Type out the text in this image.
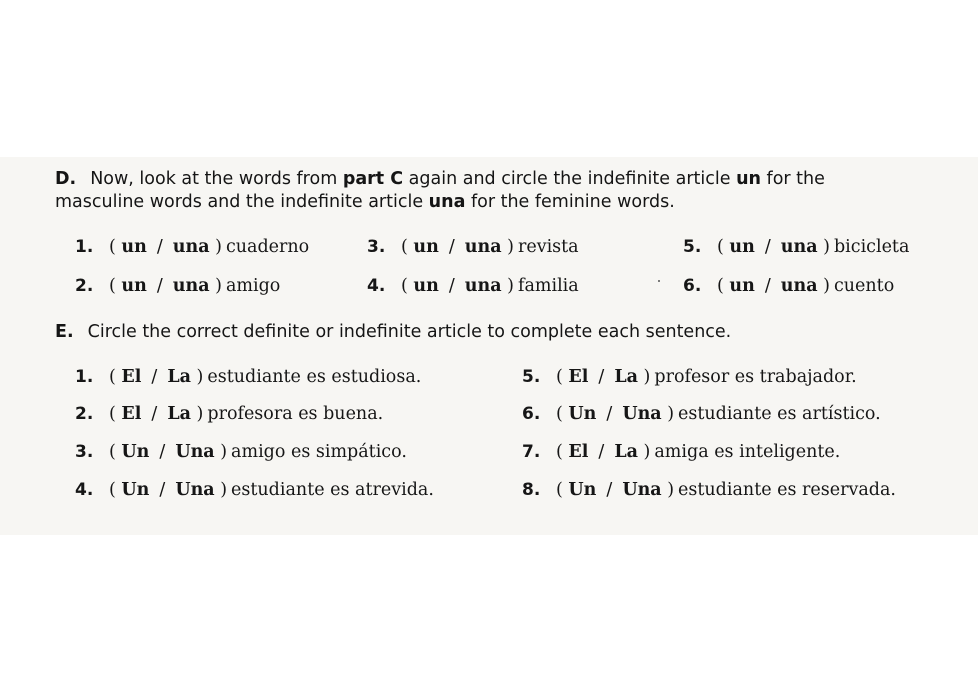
D. Now, look at the words from part C again and circle the indefinite article un for the
masculine words and the indefinite article una for the feminine words.
1. ( un / una ) cuaderno
2. ( un / una ) amigo
3. ( un / una ) revista
4. ( un / una ) familia
5. ( un / una ) bicicleta
6. ( un / una ) cuento
E. Circle the correct definite or indefinite article to complete each sentence.
1. ( El / La ) estudiante es estudiosa.
2. ( El / La ) profesora es buena.
3. ( Un / Una ) amigo es simpático.
4. ( Un / Una ) estudiante es atrevida.
5. ( El / La ) profesor es trabajador.
6. ( Un / Una ) estudiante es artístico.
7. ( El / La ) amiga es inteligente.
8. ( Un / Una ) estudiante es reservada.
